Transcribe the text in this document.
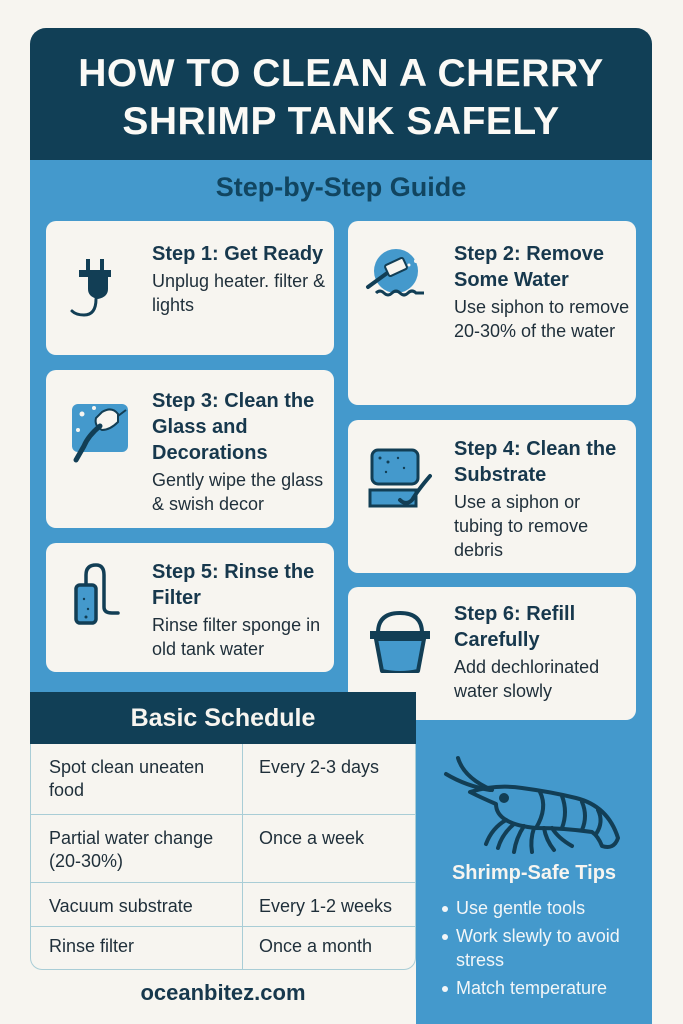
HOW TO CLEAN A CHERRY
SHRIMP TANK SAFELY
Step-by-Step Guide
Step 1: Get Ready
Unplug heater. filter & lights
Step 2: Remove Some Water
Use siphon to remove 20-30% of the water
Step 3: Clean the Glass and Decorations
Gently wipe the glass & swish decor
Step 4: Clean the Substrate
Use a siphon or tubing to remove debris
Step 5: Rinse the Filter
Rinse filter sponge in old tank water
Step 6: Refill Carefully
Add dechlorinated water slowly
Basic Schedule
Spot clean uneaten food
Every 2-3 days
Partial water change (20-30%)
Once a week
Vacuum substrate	Every 1-2 weeks
Rinse filter	Once a month
oceanbitez.com
Shrimp-Safe Tips
Use gentle tools
Work slewly to avoid stress
Match temperature
